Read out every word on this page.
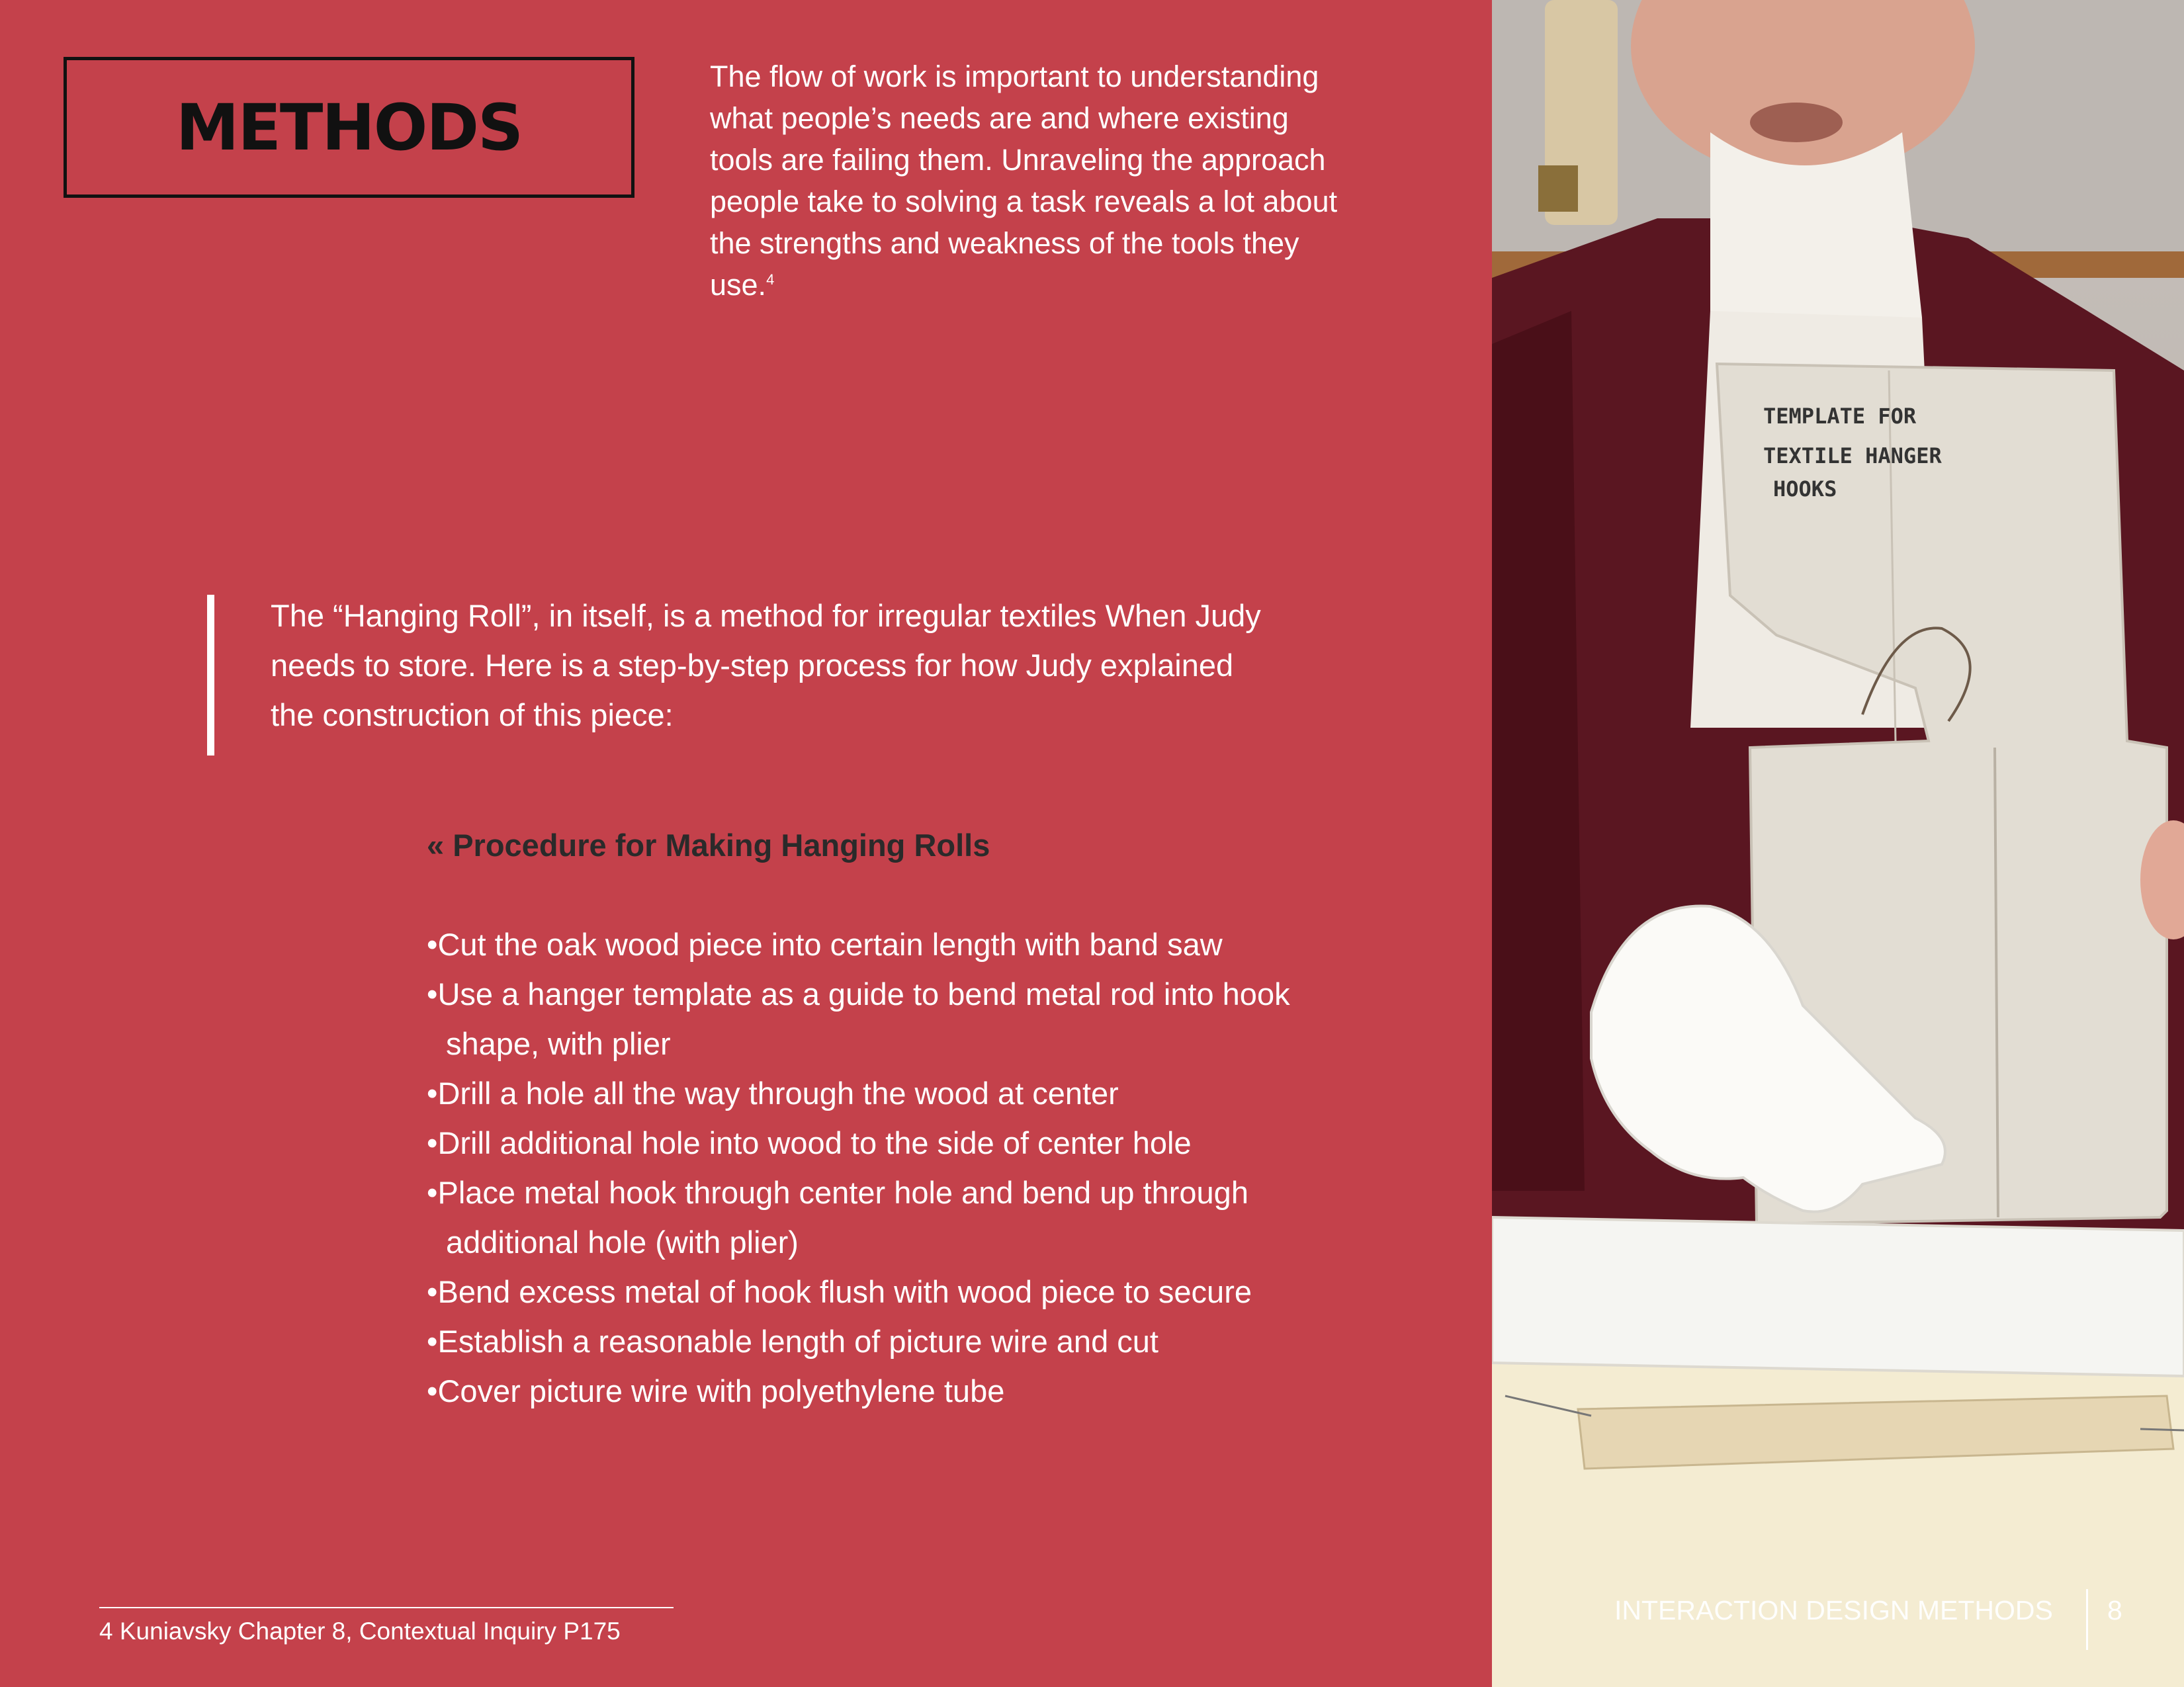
METHODS

The flow of work is important to understanding what people’s needs are and where existing tools are failing them. Unraveling the approach people take to solving a task reveals a lot about the strengths and weakness of the tools they use.$^4$

The “Hanging Roll”, in itself, is a method for irregular textiles When Judy needs to store. Here is a step-by-step process for how Judy explained the construction of this piece:

« Procedure for Making Hanging Rolls

• Cut the oak wood piece into certain length with band saw
• Use a hanger template as a guide to bend metal rod into hook shape, with plier
• Drill a hole all the way through the wood at center
• Drill additional hole into wood to the side of center hole
• Place metal hook through center hole and bend up through additional hole (with plier)
• Bend excess metal of hook flush with wood piece to secure
• Establish a reasonable length of picture wire and cut
• Cover picture wire with polyethylene tube

4 Kuniavsky Chapter 8, Contextual Inquiry P175

TEMPLATE FOR
TEXTILE HANGER
HOOKS

INTERACTION DESIGN METHODS 8
